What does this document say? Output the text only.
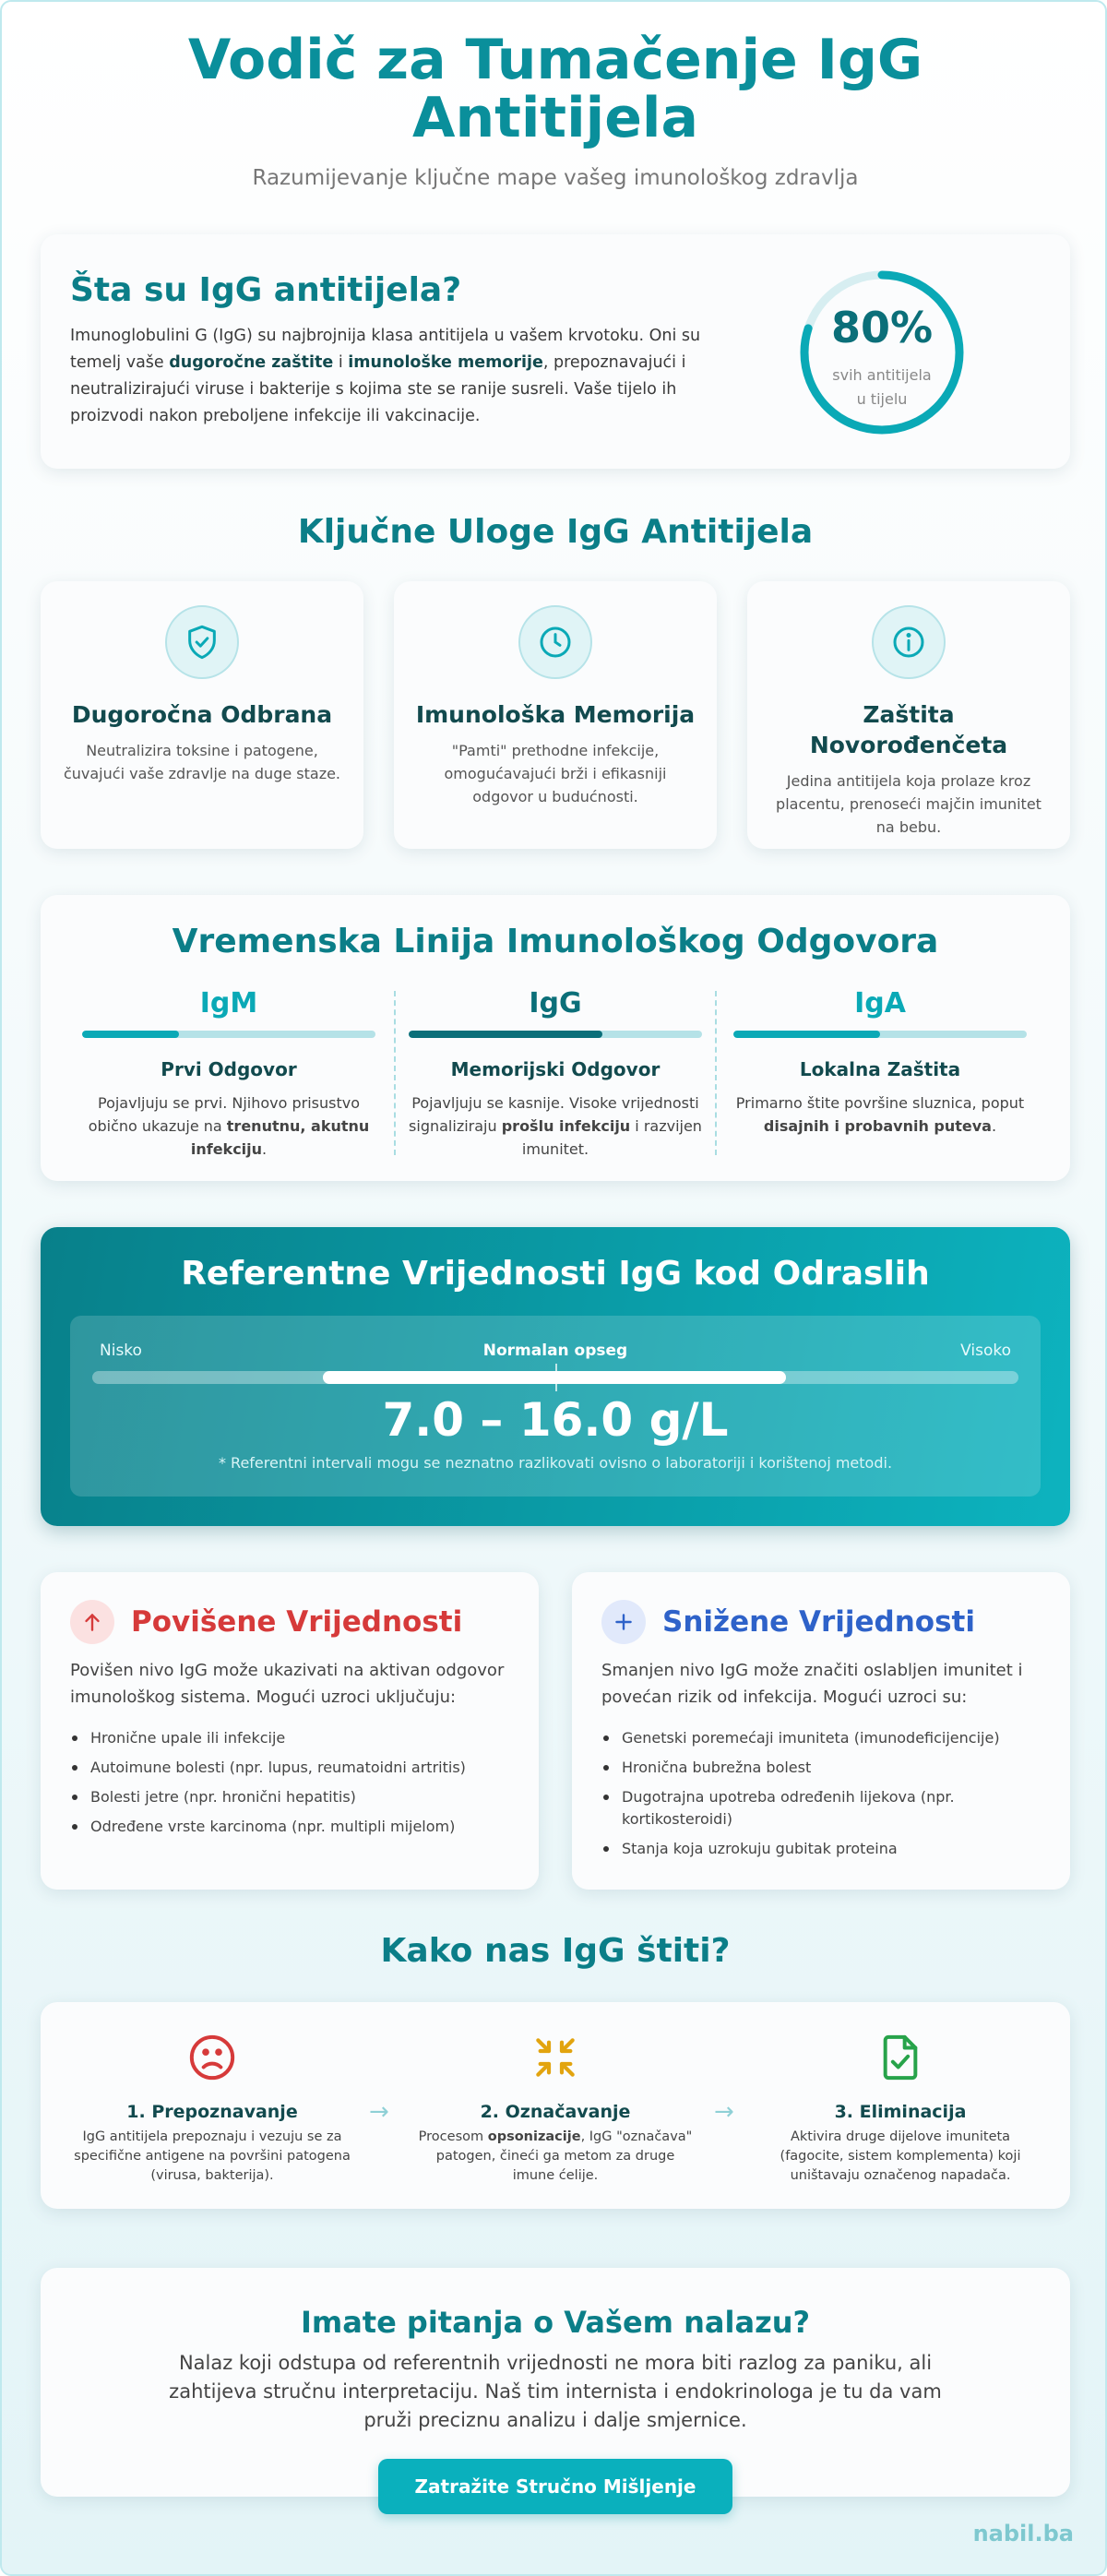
Vodič za Tumačenje IgG Antitijela

Razumijevanje ključne mape vašeg imunološkog zdravlja

Šta su IgG antitijela?

Imunoglobulini G (IgG) su najbrojnija klasa antitijela u vašem krvotoku. Oni su temelj vaše dugoročne zaštite i imunološke memorije, prepoznavajući i neutralizirajući viruse i bakterije s kojima ste se ranije susreli. Vaše tijelo ih proizvodi nakon preboljene infekcije ili vakcinacije.

80%
svih antitijela
u tijelu
Ključne Uloge IgG Antitijela
Dugoročna Odbrana

Neutralizira toksine i patogene, čuvajući vaše zdravlje na duge staze.

Imunološka Memorija

"Pamti" prethodne infekcije, omogućavajući brži i efikasniji odgovor u budućnosti.

Zaštita Novorođenčeta

Jedina antitijela koja prolaze kroz placentu, prenoseći majčin imunitet na bebu.

Vremenska Linija Imunološkog Odgovora
IgM
Prvi Odgovor

Pojavljuju se prvi. Njihovo prisustvo obično ukazuje na trenutnu, akutnu infekciju.

IgG
Memorijski Odgovor

Pojavljuju se kasnije. Visoke vrijednosti signaliziraju prošlu infekciju i razvijen imunitet.

IgA
Lokalna Zaštita

Primarno štite površine sluznica, poput disajnih i probavnih puteva.

Referentne Vrijednosti IgG kod Odraslih
Nisko	Normalan opseg	Visoko
7.0 – 16.0 g/L
* Referentni intervali mogu se neznatno razlikovati ovisno o laboratoriji i korištenoj metodi.
Povišene Vrijednosti

Povišen nivo IgG može ukazivati na aktivan odgovor imunološkog sistema. Mogući uzroci uključuju:

Hronične upale ili infekcije
Autoimune bolesti (npr. lupus, reumatoidni artritis)
Bolesti jetre (npr. hronični hepatitis)
Određene vrste karcinoma (npr. multipli mijelom)
Snižene Vrijednosti

Smanjen nivo IgG može značiti oslabljen imunitet i povećan rizik od infekcija. Mogući uzroci su:

Genetski poremećaji imuniteta (imunodeficijencije)
Hronična bubrežna bolest
Dugotrajna upotreba određenih lijekova (npr. kortikosteroidi)
Stanja koja uzrokuju gubitak proteina
Kako nas IgG štiti?
1. Prepoznavanje

IgG antitijela prepoznaju i vezuju se za specifične antigene na površini patogena (virusa, bakterija).

→	2. Označavanje

Procesom opsonizacije, IgG "označava" patogen, čineći ga metom za druge imune ćelije.

→	3. Eliminacija

Aktivira druge dijelove imuniteta (fagocite, sistem komplementa) koji uništavaju označenog napadača.

Imate pitanja o Vašem nalazu?

Nalaz koji odstupa od referentnih vrijednosti ne mora biti razlog za paniku, ali zahtijeva stručnu interpretaciju. Naš tim internista i endokrinologa je tu da vam pruži preciznu analizu i dalje smjernice.

Zatražite Stručno Mišljenje
nabil.ba
